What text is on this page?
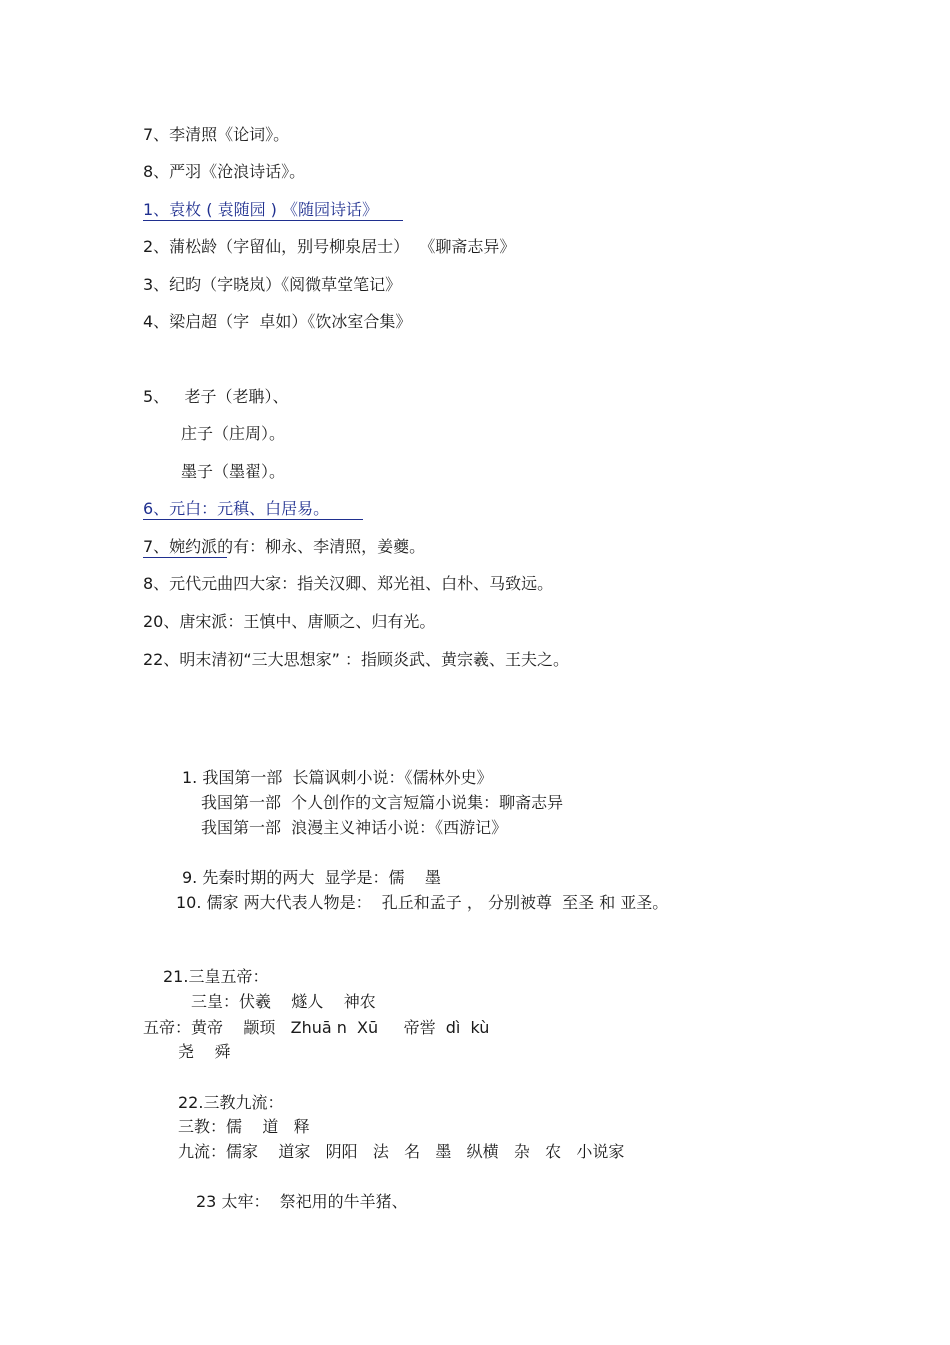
7、李清照《论词》。
8、严羽《沧浪诗话》。
1、袁枚 ( 袁随园 ) 《随园诗话》
2、蒲松龄（字留仙，别号柳泉居士）  《聊斋志异》
3、纪昀（字晓岚）《阅微草堂笔记》
4、梁启超（字  卓如）《饮冰室合集》
5、   老子（老聃）、
庄子（庄周）。
墨子（墨翟）。
6、元白：元稹、白居易。
7、婉约派的有：柳永、李清照，姜夔。
8、元代元曲四大家：指关汉卿、郑光祖、白朴、马致远。
20、唐宋派：王慎中、唐顺之、归有光。
22、明末清初“三大思想家” ：指顾炎武、黄宗羲、王夫之。
1. 我国第一部  长篇讽刺小说：《儒林外史》
我国第一部  个人创作的文言短篇小说集：聊斋志异
我国第一部  浪漫主义神话小说：《西游记》
9. 先秦时期的两大  显学是：儒    墨
10. 儒家 两大代表人物是：  孔丘和孟子 ， 分别被尊  至圣 和 亚圣。
21.三皇五帝：
三皇：伏羲    燧人    神农
五帝：黄帝    颛顼   Zhuā n  Xū     帝喾  dì  kù
尧    舜
22.三教九流：
三教：儒    道   释
九流：儒家    道家   阴阳   法   名   墨   纵横   杂   农   小说家
23 太牢：  祭祀用的牛羊猪、
